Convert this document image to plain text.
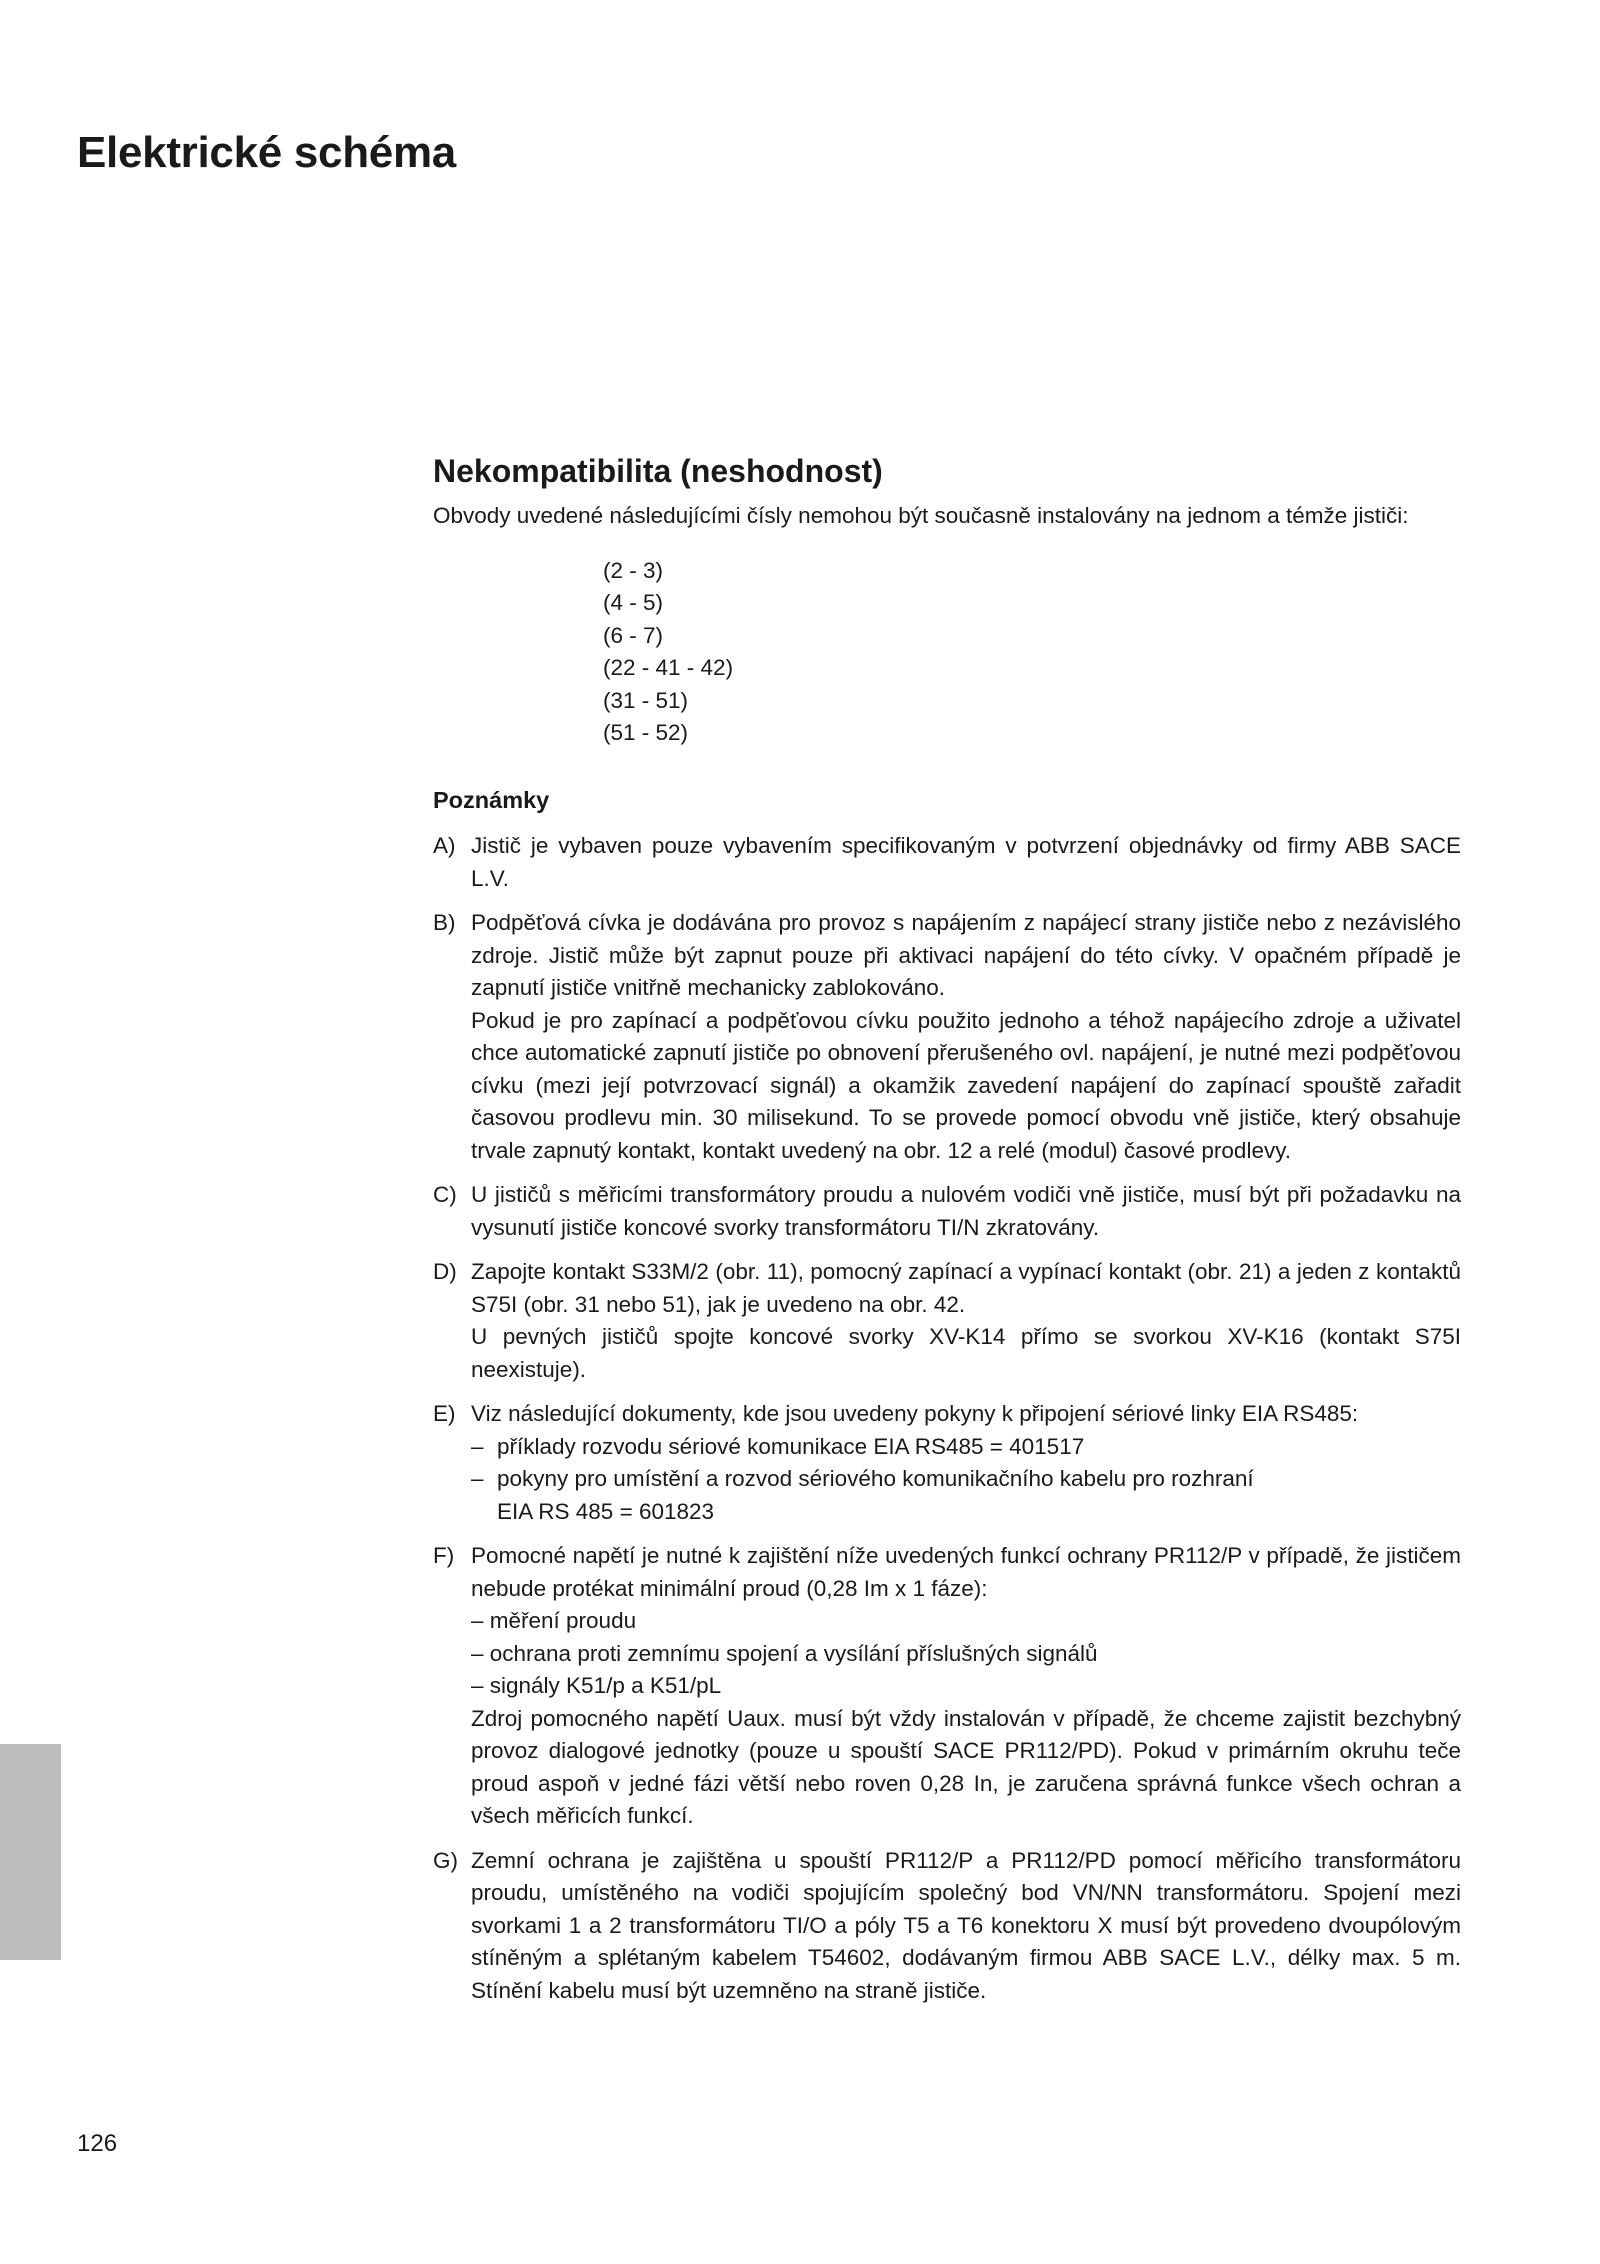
Elektrické schéma
Nekompatibilita (neshodnost)

Obvody uvedené následujícími čísly nemohou být současně instalovány na jednom a témže jističi:

(2 - 3)
(4 - 5)
(6 - 7)
(22 - 41 - 42)
(31 - 51)
(51 - 52)
Poznámky
A) Jistič je vybaven pouze vybavením specifikovaným v potvrzení objednávky od firmy ABB SACE L.V.

B) Podpěťová cívka je dodávána pro provoz s napájením z napájecí strany jističe nebo z nezávislého zdroje. Jistič může být zapnut pouze při aktivaci napájení do této cívky. V opačném případě je zapnutí jističe vnitřně mechanicky zablokováno.

Pokud je pro zapínací a podpěťovou cívku použito jednoho a téhož napájecího zdroje a uživatel chce automatické zapnutí jističe po obnovení přerušeného ovl. napájení, je nutné mezi podpěťovou cívku (mezi její potvrzovací signál) a okamžik zavedení napájení do zapínací spouště zařadit časovou prodlevu min. 30 milisekund. To se provede pomocí obvodu vně jističe, který obsahuje trvale zapnutý kontakt, kontakt uvedený na obr. 12 a relé (modul) časové prodlevy.

C) U jističů s měřicími transformátory proudu a nulovém vodiči vně jističe, musí být při požadavku na vysunutí jističe koncové svorky transformátoru TI/N zkratovány.

D) Zapojte kontakt S33M/2 (obr. 11), pomocný zapínací a vypínací kontakt (obr. 21) a jeden z kontaktů S75I (obr. 31 nebo 51), jak je uvedeno na obr. 42.

U pevných jističů spojte koncové svorky XV-K14 přímo se svorkou XV-K16 (kontakt S75I neexistuje).

E) Viz následující dokumenty, kde jsou uvedeny pokyny k připojení sériové linky EIA RS485:

– příklady rozvodu sériové komunikace EIA RS485 = 401517
– pokyny pro umístění a rozvod sériového komunikačního kabelu pro rozhraní

EIA RS 485 = 601823

F) Pomocné napětí je nutné k zajištění níže uvedených funkcí ochrany PR112/P v případě, že jističem nebude protékat minimální proud (0,28 Im x 1 fáze):

– měření proudu

– ochrana proti zemnímu spojení a vysílání příslušných signálů

– signály K51/p a K51/pL

Zdroj pomocného napětí Uaux. musí být vždy instalován v případě, že chceme zajistit bezchybný provoz dialogové jednotky (pouze u spouští SACE PR112/PD). Pokud v primárním okruhu teče proud aspoň v jedné fázi větší nebo roven 0,28 In, je zaručena správná funkce všech ochran a všech měřicích funkcí.

G) Zemní ochrana je zajištěna u spouští PR112/P a PR112/PD pomocí měřicího transformátoru proudu, umístěného na vodiči spojujícím společný bod VN/NN transformátoru. Spojení mezi svorkami 1 a 2 transformátoru TI/O a póly T5 a T6 konektoru X musí být provedeno dvoupólovým stíněným a splétaným kabelem T54602, dodávaným firmou ABB SACE L.V., délky max. 5 m. Stínění kabelu musí být uzemněno na straně jističe.

126
